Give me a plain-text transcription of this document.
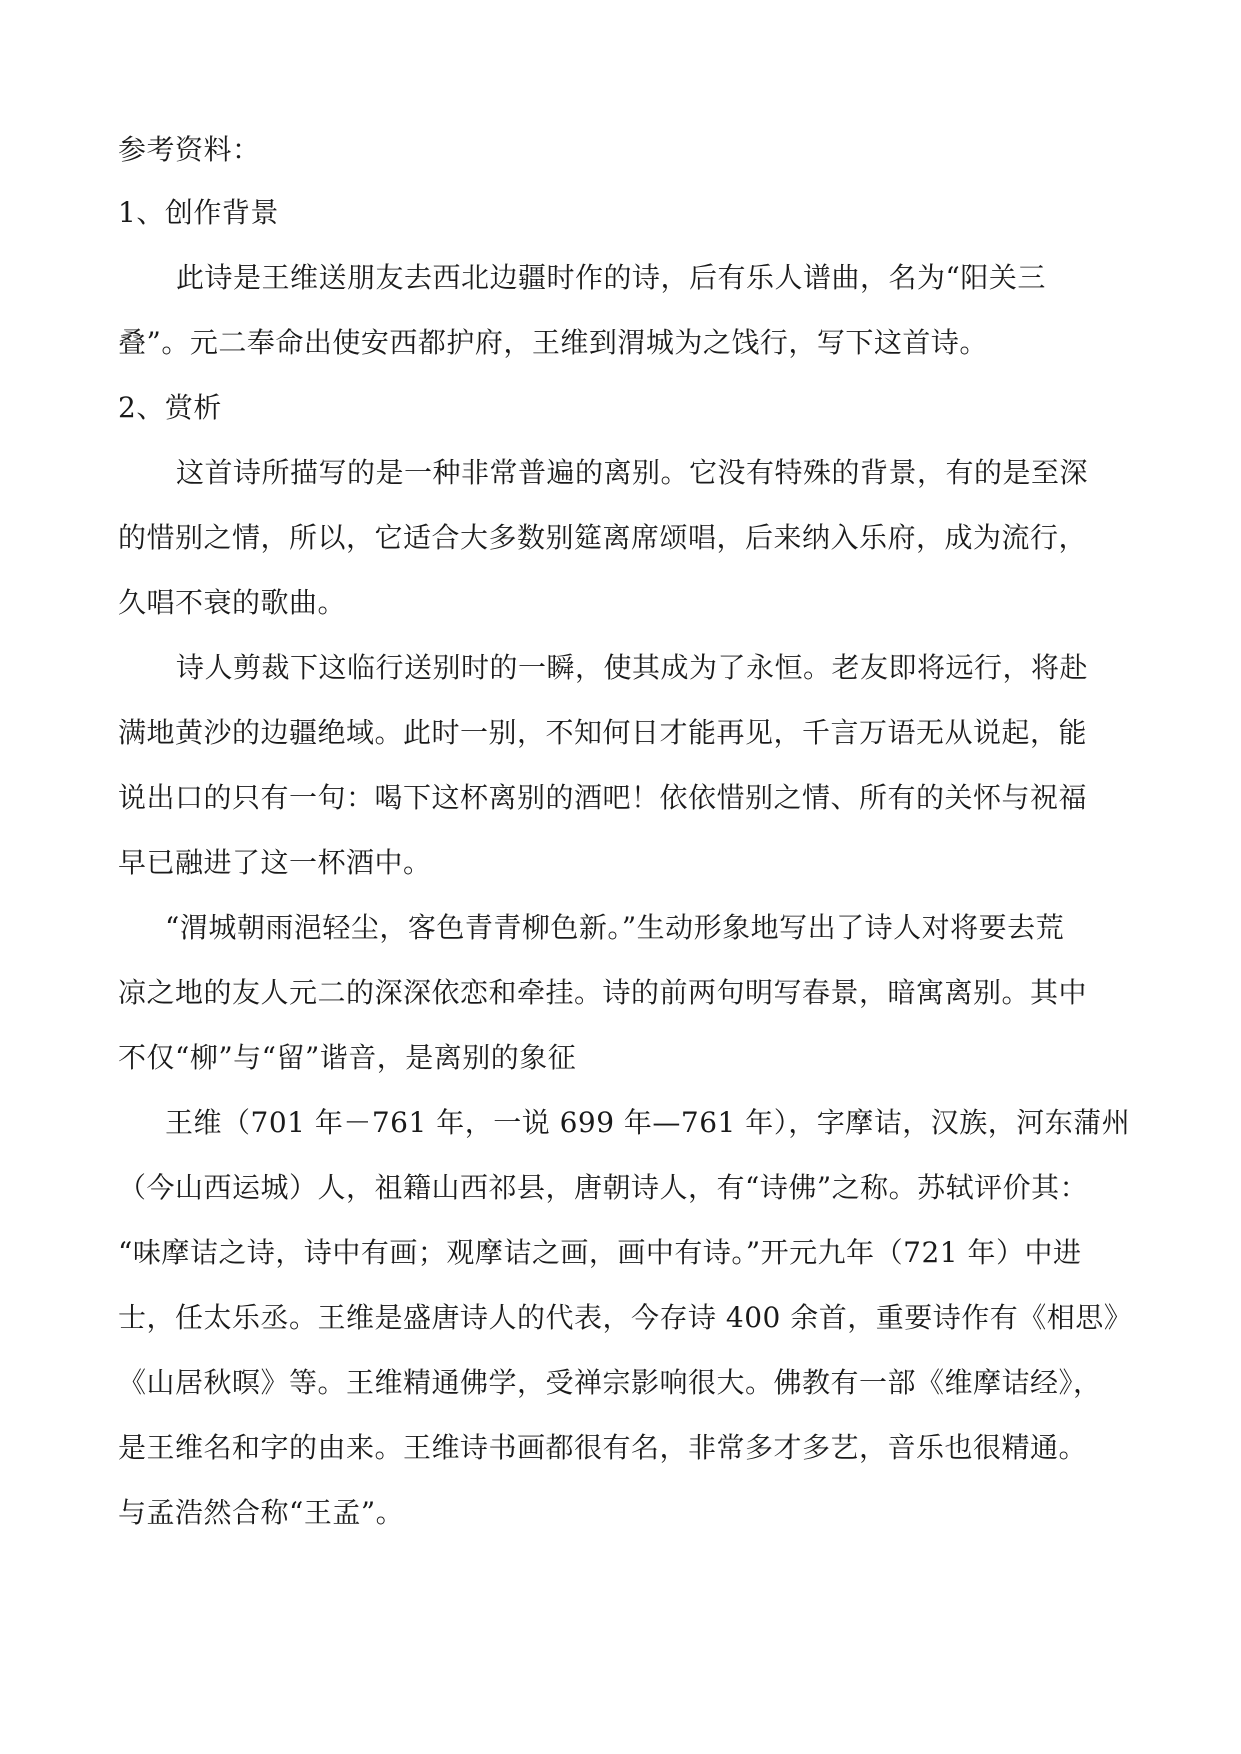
参考资料：
1、创作背景
此诗是王维送朋友去西北边疆时作的诗，后有乐人谱曲，名为“阳关三
叠”。元二奉命出使安西都护府，王维到渭城为之饯行，写下这首诗。
2、赏析
这首诗所描写的是一种非常普遍的离别。它没有特殊的背景，有的是至深
的惜别之情，所以，它适合大多数别筵离席颂唱，后来纳入乐府，成为流行，
久唱不衰的歌曲。
诗人剪裁下这临行送别时的一瞬，使其成为了永恒。老友即将远行，将赴
满地黄沙的边疆绝域。此时一别，不知何日才能再见，千言万语无从说起，能
说出口的只有一句：喝下这杯离别的酒吧！依依惜别之情、所有的关怀与祝福
早已融进了这一杯酒中。
“渭城朝雨浥轻尘，客色青青柳色新。”生动形象地写出了诗人对将要去荒
凉之地的友人元二的深深依恋和牵挂。诗的前两句明写春景，暗寓离别。其中
不仅“柳”与“留”谐音，是离别的象征
王维（701 年－761 年，一说 699 年—761 年），字摩诘，汉族，河东蒲州
（今山西运城）人，祖籍山西祁县，唐朝诗人，有“诗佛”之称。苏轼评价其：
“味摩诘之诗，诗中有画；观摩诘之画，画中有诗。”开元九年（721 年）中进
士，任太乐丞。王维是盛唐诗人的代表，今存诗 400 余首，重要诗作有《相思》
《山居秋暝》等。王维精通佛学，受禅宗影响很大。佛教有一部《维摩诘经》，
是王维名和字的由来。王维诗书画都很有名，非常多才多艺，音乐也很精通。
与孟浩然合称“王孟”。
